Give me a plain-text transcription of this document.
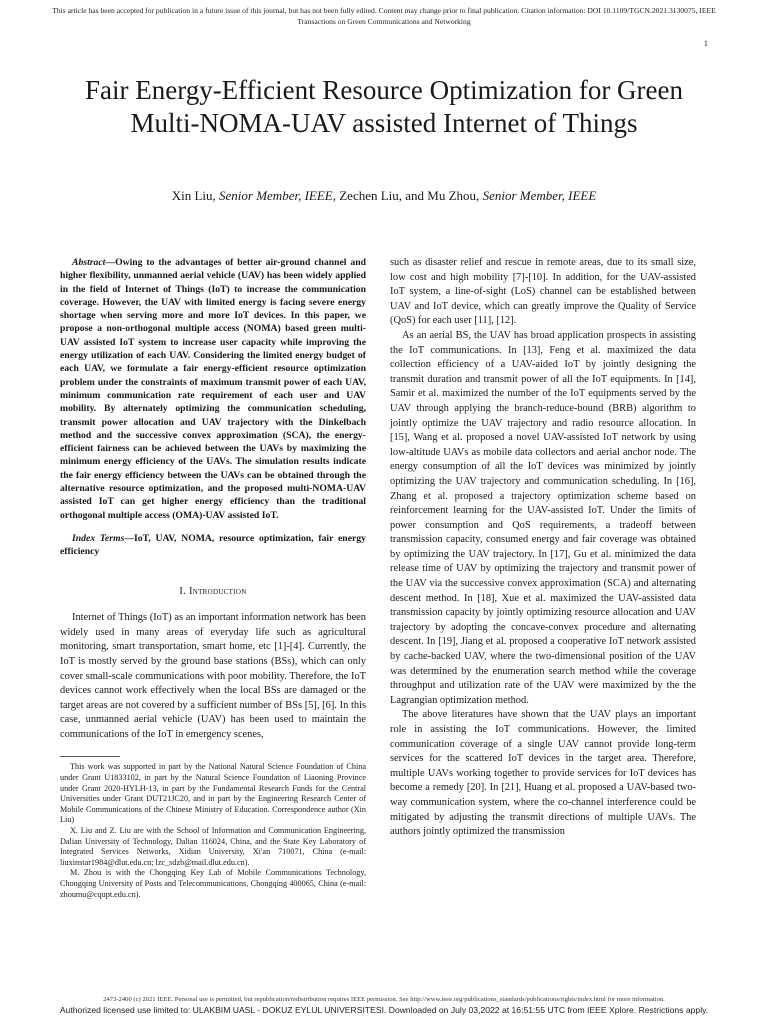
This article has been accepted for publication in a future issue of this journal, but has not been fully edited. Content may change prior to final publication. Citation information: DOI 10.1109/TGCN.2021.3130075, IEEE
Transactions on Green Communications and Networking
1
Fair Energy-Efficient Resource Optimization for Green Multi-NOMA-UAV assisted Internet of Things
Xin Liu, Senior Member, IEEE, Zechen Liu, and Mu Zhou, Senior Member, IEEE

Abstract—Owing to the advantages of better air-ground channel and higher flexibility, unmanned aerial vehicle (UAV) has been widely applied in the field of Internet of Things (IoT) to increase the communication coverage. However, the UAV with limited energy is facing severe energy shortage when serving more and more IoT devices. In this paper, we propose a non-orthogonal multiple access (NOMA) based green multi-UAV assisted IoT system to increase user capacity while improving the energy utilization of each UAV. Considering the limited energy budget of each UAV, we formulate a fair energy-efficient resource optimization problem under the constraints of maximum transmit power of each UAV, minimum communication rate requirement of each user and UAV mobility. By alternately optimizing the communication scheduling, transmit power allocation and UAV trajectory with the Dinkelbach method and the successive convex approximation (SCA), the energy-efficient fairness can be achieved between the UAVs by maximizing the minimum energy efficiency of the UAVs. The simulation results indicate the fair energy efficiency between the UAVs can be obtained through the alternative resource optimization, and the proposed multi-NOMA-UAV assisted IoT can get higher energy efficiency than the traditional orthogonal multiple access (OMA)-UAV assisted IoT.

Index Terms—IoT, UAV, NOMA, resource optimization, fair energy efficiency

I. Introduction

Internet of Things (IoT) as an important information network has been widely used in many areas of everyday life such as agricultural monitoring, smart transportation, smart home, etc [1]-[4]. Currently, the IoT is mostly served by the ground base stations (BSs), which can only cover small-scale communications with poor mobility. Therefore, the IoT devices cannot work effectively when the local BSs are damaged or the target areas are not covered by a sufficient number of BSs [5], [6]. In this case, unmanned aerial vehicle (UAV) has been used to maintain the communications of the IoT in emergency scenes,

This work was supported in part by the National Natural Science Foundation of China under Grant U1833102, in part by the Natural Science Foundation of Liaoning Province under Grant 2020-HYLH-13, in part by the Fundamental Research Funds for the Central Universities under Grant DUT21JC20, and in part by the Engineering Research Center of Mobile Communications of the Chinese Ministry of Education. Correspondence author (Xin Liu)

X. Liu and Z. Liu are with the School of Information and Communication Engineering, Dalian University of Technology, Dalian 116024, China, and the State Key Laboratory of Integrated Services Networks, Xidian University, Xi'an 710071, China (e-mail: liuxinstar1984@dlut.edu.cn; lzc_sdzb@mail.dlut.edu.cn).

M. Zhou is with the Chongqing Key Lab of Mobile Communications Technology, Chongqing University of Posts and Telecommunications, Chongqing 400065, China (e-mail: zhoumu@cqupt.edu.cn).

such as disaster relief and rescue in remote areas, due to its small size, low cost and high mobility [7]-[10]. In addition, for the UAV-assisted IoT system, a line-of-sight (LoS) channel can be established between UAV and IoT device, which can greatly improve the Quality of Service (QoS) for each user [11], [12].

As an aerial BS, the UAV has broad application prospects in assisting the IoT communications. In [13], Feng et al. maximized the data collection efficiency of a UAV-aided IoT by jointly designing the transmit duration and transmit power of all the IoT equipments. In [14], Samir et al. maximized the number of the IoT equipments served by the UAV through applying the branch-reduce-bound (BRB) algorithm to jointly optimize the UAV trajectory and radio resource allocation. In [15], Wang et al. proposed a novel UAV-assisted IoT network by using low-altitude UAVs as mobile data collectors and aerial anchor node. The energy consumption of all the IoT devices was minimized by jointly optimizing the UAV trajectory and communication scheduling. In [16], Zhang et al. proposed a trajectory optimization scheme based on reinforcement learning for the UAV-assisted IoT. Under the limits of power consumption and QoS requirements, a tradeoff between transmission capacity, consumed energy and fair coverage was obtained by optimizing the UAV trajectory. In [17], Gu et al. minimized the data release time of UAV by optimizing the trajectory and transmit power of the UAV via the successive convex approximation (SCA) and alternating descent method. In [18], Xue et al. maximized the UAV-assisted data transmission capacity by jointly optimizing resource allocation and UAV trajectory by adopting the concave-convex procedure and alternating descent. In [19], Jiang et al. proposed a cooperative IoT network assisted by cache-backed UAV, where the two-dimensional position of the UAV was determined by the enumeration search method while the coverage throughput and utilization rate of the UAV were maximized by the the Lagrangian optimization method.

The above literatures have shown that the UAV plays an important role in assisting the IoT communications. However, the limited communication coverage of a single UAV cannot provide long-term services for the scattered IoT devices in the target area. Therefore, multiple UAVs working together to provide services for IoT devices has become a remedy [20]. In [21], Huang et al. proposed a UAV-based two-way communication system, where the co-channel interference could be mitigated by adjusting the transmit directions of multiple UAVs. The authors jointly optimized the transmission

2473-2400 (c) 2021 IEEE. Personal use is permitted, but republication/redistribution requires IEEE permission. See http://www.ieee.org/publications_standards/publications/rights/index.html for more information.
Authorized licensed use limited to: ULAKBIM UASL - DOKUZ EYLUL UNIVERSITESI. Downloaded on July 03,2022 at 16:51:55 UTC from IEEE Xplore. Restrictions apply.
